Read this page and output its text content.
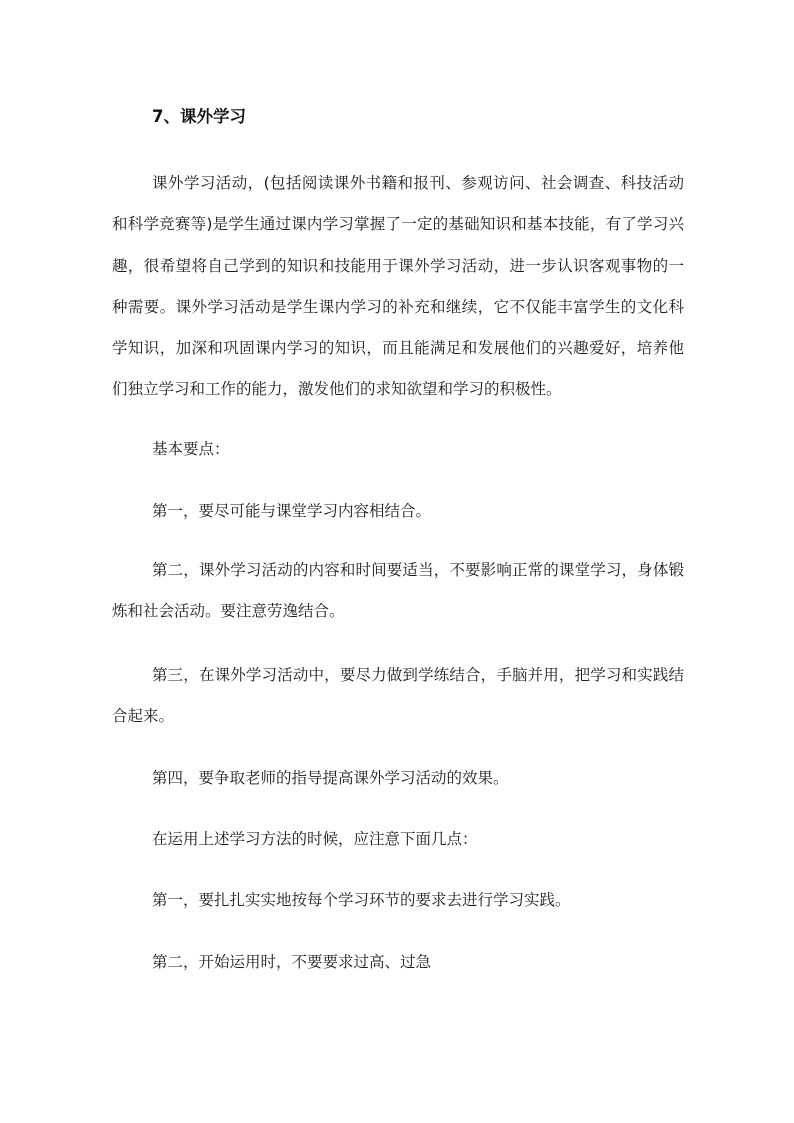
7、课外学习
课外学习活动，(包括阅读课外书籍和报刊、参观访问、社会调查、科技活动和科学竞赛等)是学生通过课内学习掌握了一定的基础知识和基本技能，有了学习兴趣，很希望将自己学到的知识和技能用于课外学习活动，进一步认识客观事物的一种需要。课外学习活动是学生课内学习的补充和继续，它不仅能丰富学生的文化科学知识，加深和巩固课内学习的知识，而且能满足和发展他们的兴趣爱好，培养他们独立学习和工作的能力，激发他们的求知欲望和学习的积极性。
基本要点：
第一，要尽可能与课堂学习内容相结合。
第二，课外学习活动的内容和时间要适当，不要影响正常的课堂学习，身体锻炼和社会活动。要注意劳逸结合。
第三，在课外学习活动中，要尽力做到学练结合，手脑并用，把学习和实践结合起来。
第四，要争取老师的指导提高课外学习活动的效果。
在运用上述学习方法的时候，应注意下面几点：
第一，要扎扎实实地按每个学习环节的要求去进行学习实践。
第二，开始运用时，不要要求过高、过急
